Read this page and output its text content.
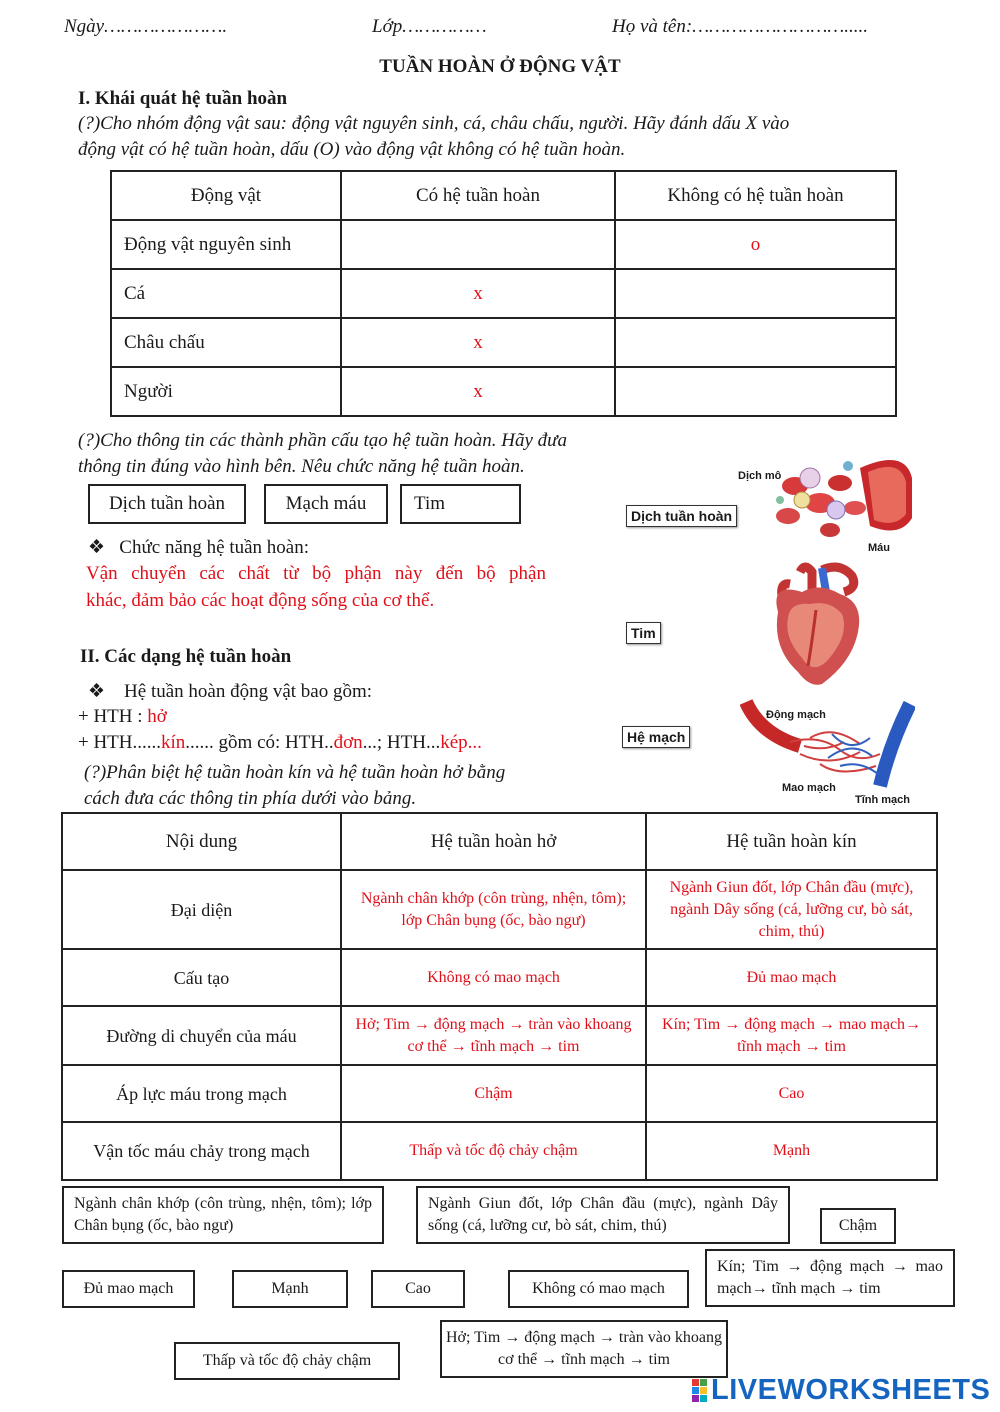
Ngày………………….	Lớp……………	Họ và tên:……………………….....
TUẦN HOÀN Ở ĐỘNG VẬT
I. Khái quát hệ tuần hoàn
(?)Cho nhóm động vật sau: động vật nguyên sinh, cá, châu chấu, người. Hãy đánh dấu X vào
động vật có hệ tuần hoàn, dấu (O) vào động vật không có hệ tuần hoàn.
Động vật	Có hệ tuần hoàn	Không có hệ tuần hoàn
Động vật nguyên sinh		o
Cá	x	
Châu chấu	x	
Người	x	
(?)Cho thông tin các thành phần cấu tạo hệ tuần hoàn. Hãy đưa
thông tin đúng vào hình bên. Nêu chức năng hệ tuần hoàn.
Dịch tuần hoàn	Mạch máu	Tim
❖ Chức năng hệ tuần hoàn:
Vận chuyển các chất từ bộ phận này đến bộ phận
khác, đảm bảo các hoạt động sống của cơ thể.
Dịch tuần hoàn
Tim
Hệ mạch
Dịch mô
Máu
Động mạch
Mao mạch
Tĩnh mạch
II. Các dạng hệ tuần hoàn
❖ Hệ tuần hoàn động vật bao gồm:
+ HTH : hở
+ HTH......kín...... gồm có: HTH..đơn...; HTH...kép...
(?)Phân biệt hệ tuần hoàn kín và hệ tuần hoàn hở bằng
cách đưa các thông tin phía dưới vào bảng.
Nội dung	Hệ tuần hoàn hở	Hệ tuần hoàn kín
Đại diện	Ngành chân khớp (côn trùng, nhện, tôm); lớp Chân bụng (ốc, bào ngư)	Ngành Giun đốt, lớp Chân đầu (mực), ngành Dây sống (cá, lưỡng cư, bò sát, chim, thú)
Cấu tạo	Không có mao mạch	Đủ mao mạch
Đường di chuyển của máu	Hở; Tim → động mạch → tràn vào khoang cơ thể → tĩnh mạch → tim	Kín; Tim → động mạch → mao mạch→ tĩnh mạch → tim
Áp lực máu trong mạch	Chậm	Cao
Vận tốc máu chảy trong mạch	Thấp và tốc độ chảy chậm	Mạnh
Ngành chân khớp (côn trùng, nhện, tôm); lớp Chân bụng (ốc, bào ngư)
Ngành Giun đốt, lớp Chân đầu (mực), ngành Dây sống (cá, lưỡng cư, bò sát, chim, thú)	Chậm
Đủ mao mạch	Mạnh	Cao	Không có mao mạch
Kín; Tim → động mạch → mao mạch→ tĩnh mạch → tim
Thấp và tốc độ chảy chậm
Hở; Tim → động mạch → tràn vào khoang cơ thể → tĩnh mạch → tim
LIVEWORKSHEETS
